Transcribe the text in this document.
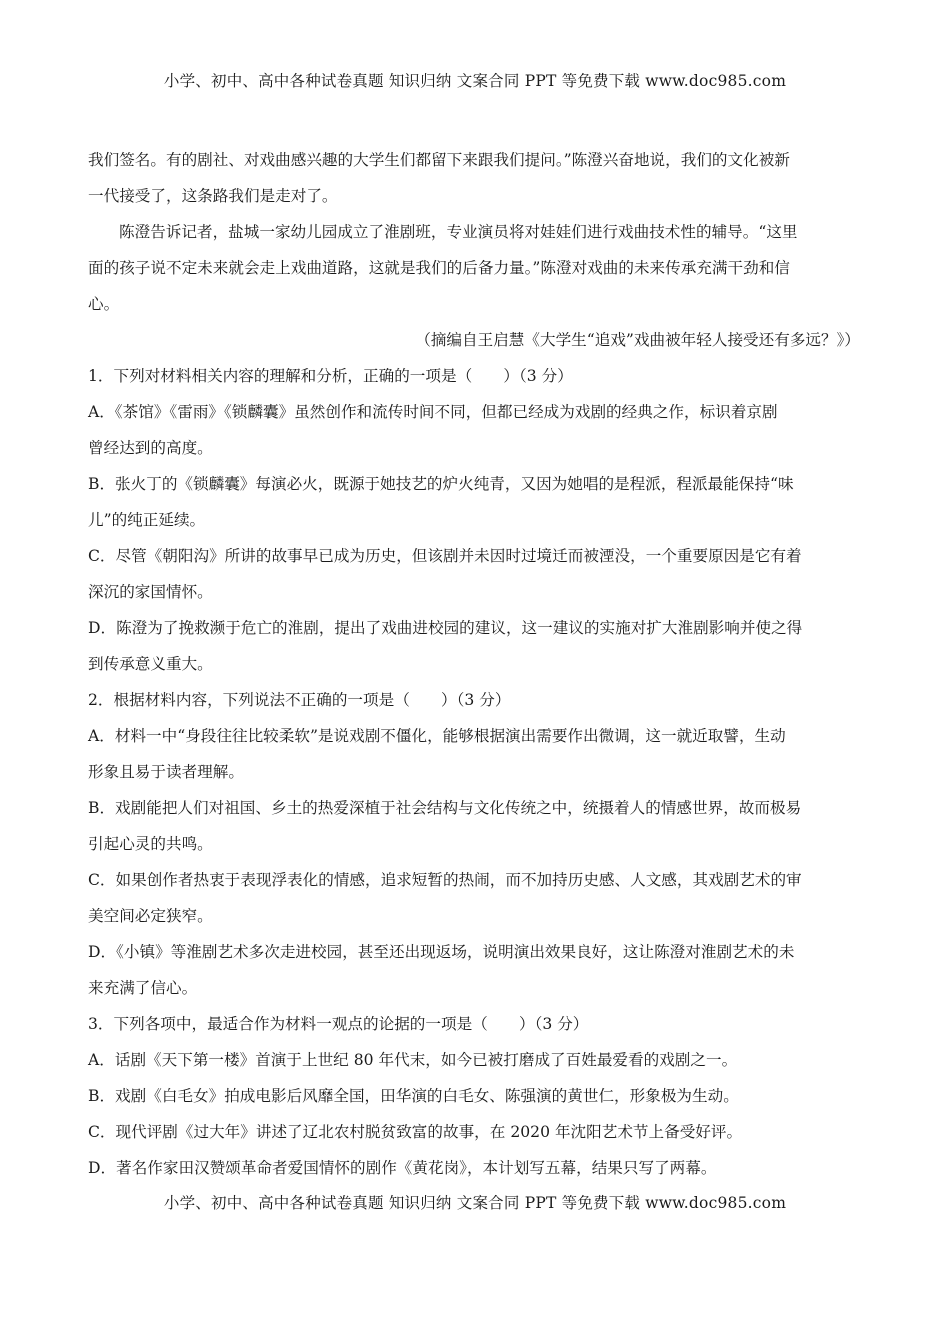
小学、初中、高中各种试卷真题 知识归纳 文案合同 PPT 等免费下载 www.doc985.com

我们签名。有的剧社、对戏曲感兴趣的大学生们都留下来跟我们提问。”陈澄兴奋地说，我们的文化被新

一代接受了，这条路我们是走对了。

陈澄告诉记者，盐城一家幼儿园成立了淮剧班，专业演员将对娃娃们进行戏曲技术性的辅导。“这里

面的孩子说不定未来就会走上戏曲道路，这就是我们的后备力量。”陈澄对戏曲的未来传承充满干劲和信

心。

（摘编自王启慧《大学生“追戏”戏曲被年轻人接受还有多远？》）

1．下列对材料相关内容的理解和分析，正确的一项是（　　）（3 分）

A．《茶馆》《雷雨》《锁麟囊》虽然创作和流传时间不同，但都已经成为戏剧的经典之作，标识着京剧

曾经达到的高度。

B．张火丁的《锁麟囊》每演必火，既源于她技艺的炉火纯青，又因为她唱的是程派，程派最能保持“味

儿”的纯正延续。

C．尽管《朝阳沟》所讲的故事早已成为历史，但该剧并未因时过境迁而被湮没，一个重要原因是它有着

深沉的家国情怀。

D．陈澄为了挽救濒于危亡的淮剧，提出了戏曲进校园的建议，这一建议的实施对扩大淮剧影响并使之得

到传承意义重大。

2．根据材料内容，下列说法不正确的一项是（　　）（3 分）

A．材料一中“身段往往比较柔软”是说戏剧不僵化，能够根据演出需要作出微调，这一就近取譬，生动

形象且易于读者理解。

B．戏剧能把人们对祖国、乡土的热爱深植于社会结构与文化传统之中，统摄着人的情感世界，故而极易

引起心灵的共鸣。

C．如果创作者热衷于表现浮表化的情感，追求短暂的热闹，而不加持历史感、人文感，其戏剧艺术的审

美空间必定狭窄。

D．《小镇》等淮剧艺术多次走进校园，甚至还出现返场，说明演出效果良好，这让陈澄对淮剧艺术的未

来充满了信心。

3．下列各项中，最适合作为材料一观点的论据的一项是（　　）（3 分）

A．话剧《天下第一楼》首演于上世纪 80 年代末，如今已被打磨成了百姓最爱看的戏剧之一。

B．戏剧《白毛女》拍成电影后风靡全国，田华演的白毛女、陈强演的黄世仁，形象极为生动。

C．现代评剧《过大年》讲述了辽北农村脱贫致富的故事，在 2020 年沈阳艺术节上备受好评。

D．著名作家田汉赞颂革命者爱国情怀的剧作《黄花岗》，本计划写五幕，结果只写了两幕。

小学、初中、高中各种试卷真题 知识归纳 文案合同 PPT 等免费下载 www.doc985.com
